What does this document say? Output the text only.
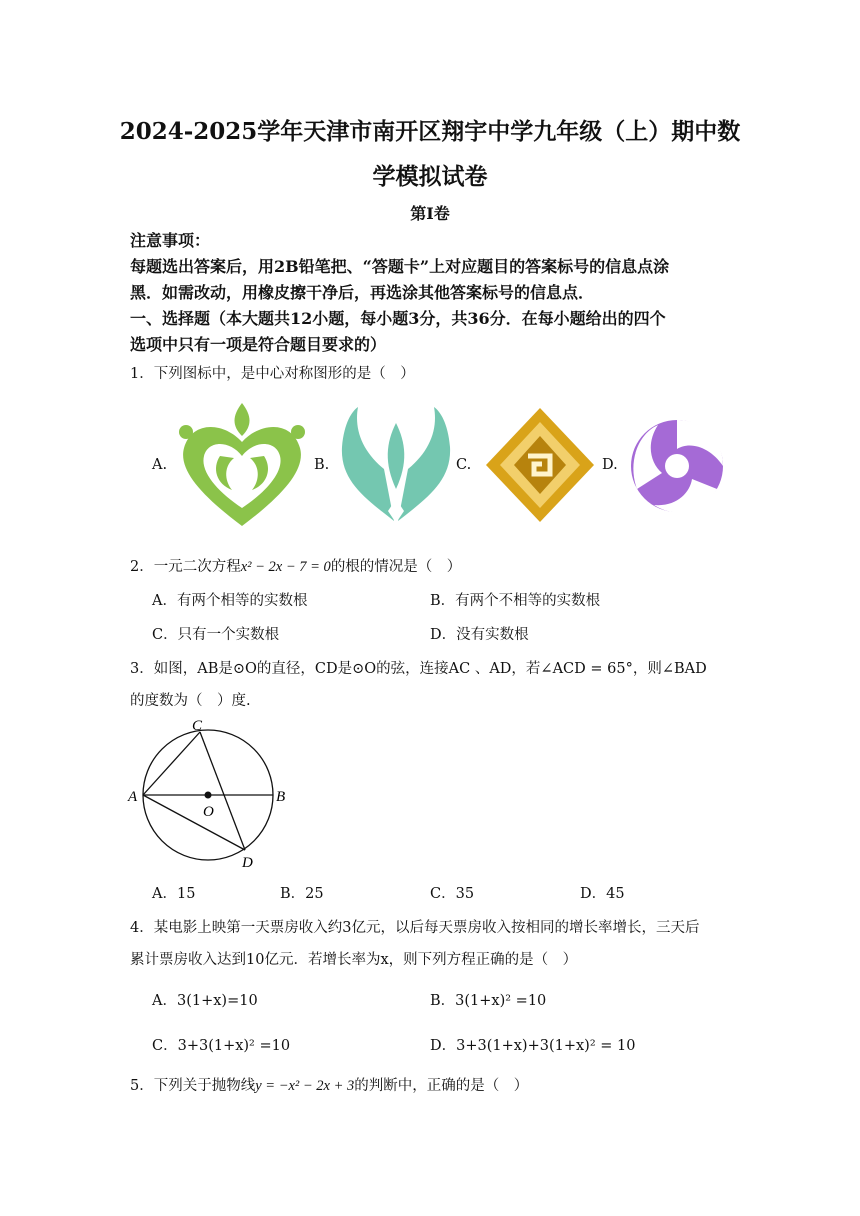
2024-2025学年天津市南开区翔宇中学九年级（上）期中数
学模拟试卷
第Ⅰ卷
注意事项：
每题选出答案后，用2B铅笔把、“答题卡”上对应题目的答案标号的信息点涂
黑．如需改动，用橡皮擦干净后，再选涂其他答案标号的信息点．
一、选择题（本大题共12小题，每小题3分，共36分．在每小题给出的四个
选项中只有一项是符合题目要求的）
1．下列图标中，是中心对称图形的是（　）
A.	B.	C.	D.
2．一元二次方程x² − 2x − 7 = 0的根的情况是（　）
A．有两个相等的实数根	B．有两个不相等的实数根
C．只有一个实数根	D．没有实数根
3．如图，AB是⊙O的直径，CD是⊙O的弦，连接AC 、AD，若∠ACD = 65°，则∠BAD
的度数为（　）度.
C
A
O
B
D
A．15	B．25	C．35	D．45
4．某电影上映第一天票房收入约3亿元，以后每天票房收入按相同的增长率增长，三天后
累计票房收入达到10亿元．若增长率为x，则下列方程正确的是（　）
A．3(1+x)=10	B．3(1+x)² =10
C．3+3(1+x)² =10	D．3+3(1+x)+3(1+x)² = 10
5．下列关于抛物线y = −x² − 2x + 3的判断中，正确的是（　）
